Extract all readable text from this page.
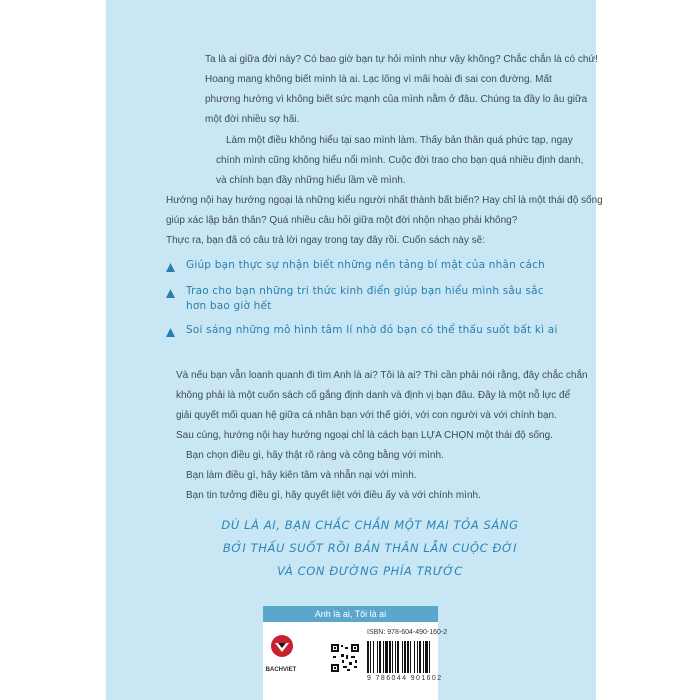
Ta là ai giữa đời này? Có bao giờ bạn tự hỏi mình như vậy không? Chắc chắn là có chứ!
Hoang mang không biết mình là ai. Lạc lõng vì mãi hoài đi sai con đường. Mất
phương hướng vì không biết sức mạnh của mình nằm ở đâu. Chúng ta đầy lo âu giữa
một đời nhiều sợ hãi.
Làm một điều không hiểu tại sao mình làm. Thấy bản thân quá phức tạp, ngay
chính mình cũng không hiểu nổi mình. Cuộc đời trao cho bạn quá nhiều định danh,
và chính bạn đầy những hiểu lầm về mình.
Hướng nội hay hướng ngoại là những kiểu người nhất thành bất biến? Hay chỉ là một thái độ sống
giúp xác lập bản thân? Quá nhiều câu hỏi giữa một đời nhộn nhạo phải không?
Thực ra, bạn đã có câu trả lời ngay trong tay đây rồi. Cuốn sách này sẽ:
Giúp bạn thực sự nhận biết những nền tảng bí mật của nhân cách
Trao cho bạn những tri thức kinh điển giúp bạn hiểu mình sâu sắc
hơn bao giờ hết
Soi sáng những mô hình tâm lí nhờ đó bạn có thể thấu suốt bất kì ai
Và nếu bạn vẫn loanh quanh đi tìm Anh là ai? Tôi là ai? Thì cần phải nói rằng, đây chắc chắn
không phải là một cuốn sách cố gắng định danh và định vị bạn đâu. Đây là một nỗ lực để
giải quyết mối quan hệ giữa cá nhân bạn với thế giới, với con người và với chính bạn.
Sau cùng, hướng nội hay hướng ngoại chỉ là cách bạn LỰA CHỌN một thái độ sống.
Bạn chọn điều gì, hãy thật rõ ràng và công bằng với mình.
Bạn làm điều gì, hãy kiên tâm và nhẫn nại với mình.
Bạn tin tưởng điều gì, hãy quyết liệt với điều ấy và với chính mình.
DÙ LÀ AI, BẠN CHẮC CHẮN MỘT MAI TỎA SÁNG
BỞI THẤU SUỐT RỒI BẢN THÂN LẪN CUỘC ĐỜI
VÀ CON ĐƯỜNG PHÍA TRƯỚC
Anh là ai, Tôi là ai
BACHVIET
ISBN: 978-604-490-160-2
9 786044 901602
